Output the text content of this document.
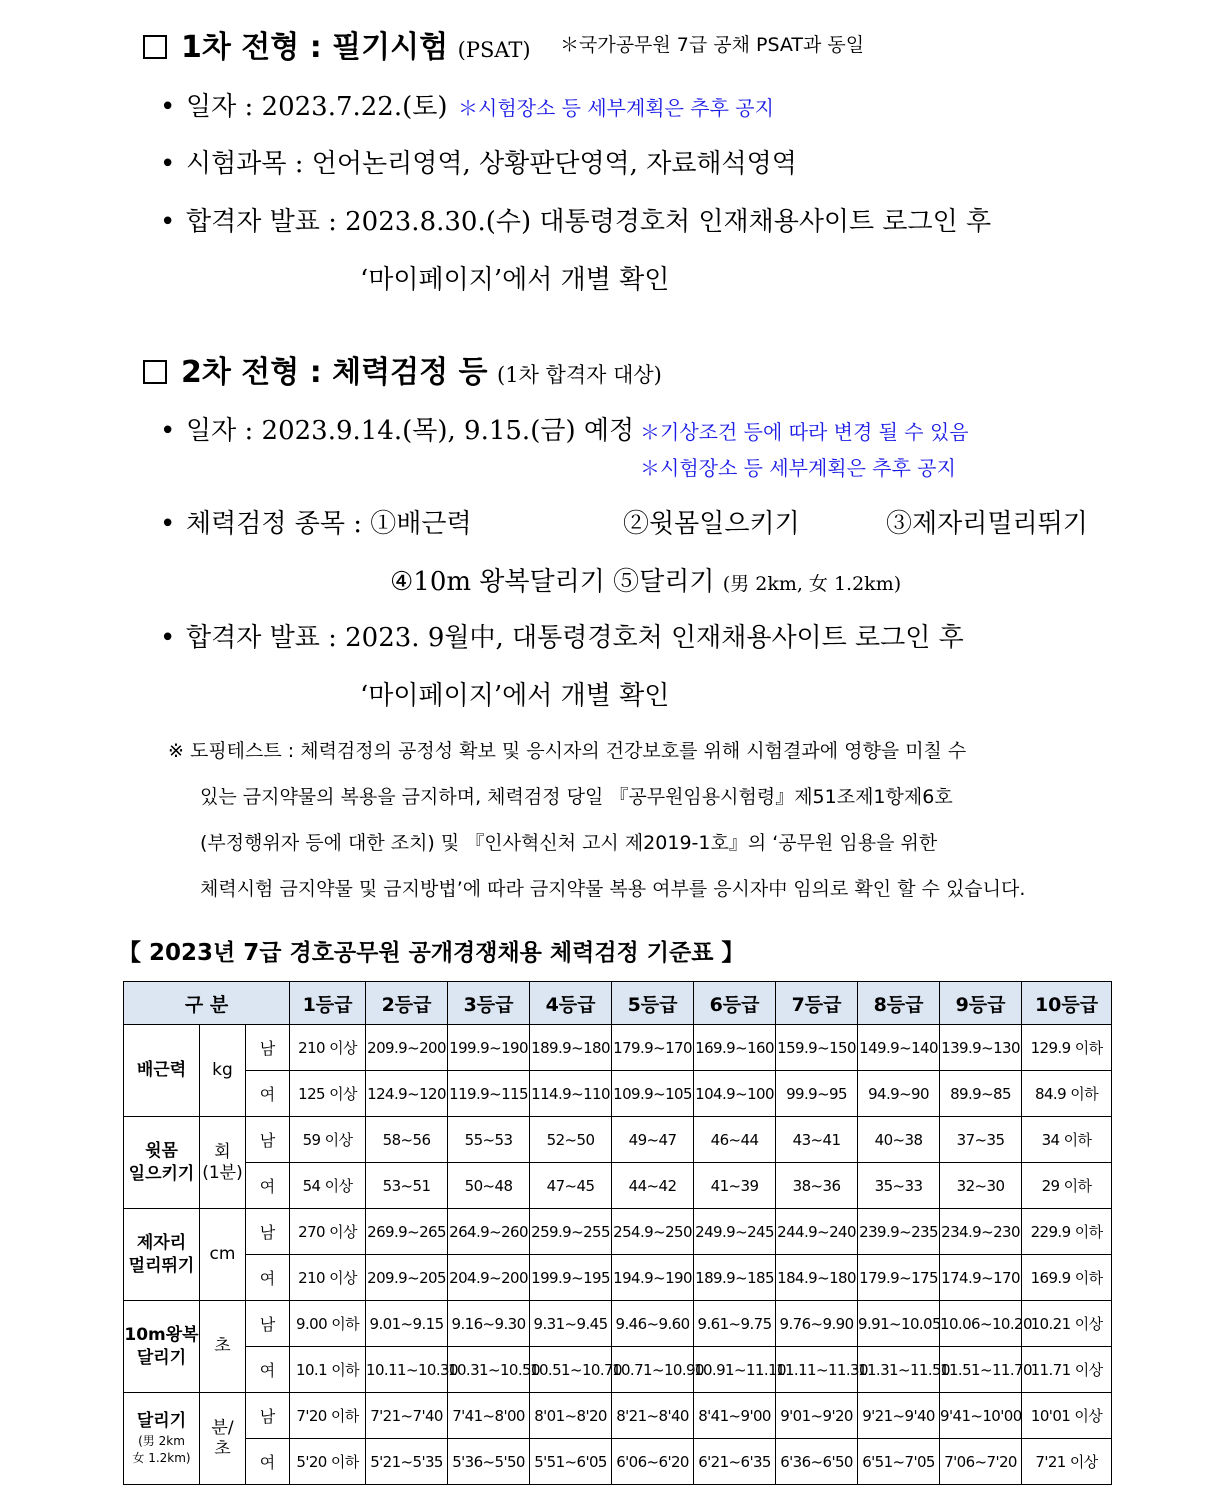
1차 전형 : 필기시험 (PSAT) ＊국가공무원 7급 공채 PSAT과 동일
• 일자 : 2023.7.22.(토) ＊시험장소 등 세부계획은 추후 공지
• 시험과목 : 언어논리영역, 상황판단영역, 자료해석영역
• 합격자 발표 : 2023.8.30.(수) 대통령경호처 인재채용사이트 로그인 후
‘마이페이지’에서 개별 확인
2차 전형 : 체력검정 등 (1차 합격자 대상)
• 일자 : 2023.9.14.(목), 9.15.(금) 예정 ＊기상조건 등에 따라 변경 될 수 있음
＊시험장소 등 세부계획은 추후 공지
• 체력검정 종목 : ①배근력	②윗몸일으키기	③제자리멀리뛰기
④10m 왕복달리기 ⑤달리기 (男 2km, 女 1.2km)
• 합격자 발표 : 2023. 9월中, 대통령경호처 인재채용사이트 로그인 후
‘마이페이지’에서 개별 확인
※ 도핑테스트 : 체력검정의 공정성 확보 및 응시자의 건강보호를 위해 시험결과에 영향을 미칠 수
있는 금지약물의 복용을 금지하며, 체력검정 당일 『공무원임용시험령』제51조제1항제6호
(부정행위자 등에 대한 조치) 및 『인사혁신처 고시 제2019-1호』의 ‘공무원 임용을 위한
체력시험 금지약물 및 금지방법’에 따라 금지약물 복용 여부를 응시자中 임의로 확인 할 수 있습니다.
【 2023년 7급 경호공무원 공개경쟁채용 체력검정 기준표 】
구 분			1등급	2등급	3등급	4등급	5등급	6등급	7등급	8등급	9등급	10등급
배근력	kg	남	210 이상	209.9~200	199.9~190	189.9~180	179.9~170	169.9~160	159.9~150	149.9~140	139.9~130	129.9 이하
		여	125 이상	124.9~120	119.9~115	114.9~110	109.9~105	104.9~100	99.9~95	94.9~90	89.9~85	84.9 이하
윗몸
일으키기	회
(1분)	남	59 이상	58~56	55~53	52~50	49~47	46~44	43~41	40~38	37~35	34 이하
		여	54 이상	53~51	50~48	47~45	44~42	41~39	38~36	35~33	32~30	29 이하
제자리
멀리뛰기	cm	남	270 이상	269.9~265	264.9~260	259.9~255	254.9~250	249.9~245	244.9~240	239.9~235	234.9~230	229.9 이하
		여	210 이상	209.9~205	204.9~200	199.9~195	194.9~190	189.9~185	184.9~180	179.9~175	174.9~170	169.9 이하
10m왕복
달리기	초	남	9.00 이하	9.01~9.15	9.16~9.30	9.31~9.45	9.46~9.60	9.61~9.75	9.76~9.90	9.91~10.05	10.06~10.20	10.21 이상
		여	10.1 이하	10.11~10.30	10.31~10.50	10.51~10.70	10.71~10.90	10.91~11.10	11.11~11.30	11.31~11.50	11.51~11.70	11.71 이상
달리기
(男 2km
女 1.2km)	분/
초	남	7'20 이하	7'21~7'40	7'41~8'00	8'01~8'20	8'21~8'40	8'41~9'00	9'01~9'20	9'21~9'40	9'41~10'00	10'01 이상
		여	5'20 이하	5'21~5'35	5'36~5'50	5'51~6'05	6'06~6'20	6'21~6'35	6'36~6'50	6'51~7'05	7'06~7'20	7'21 이상
